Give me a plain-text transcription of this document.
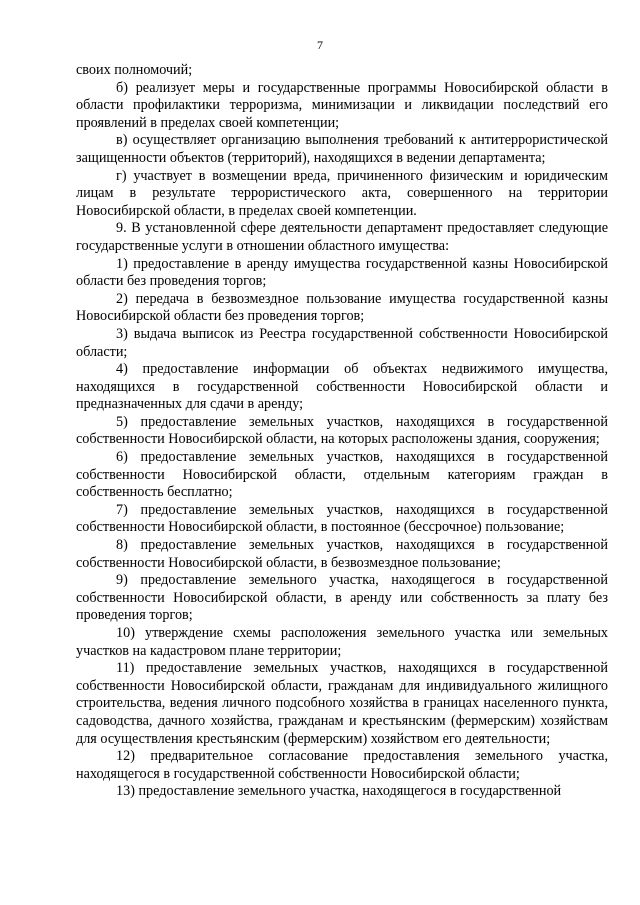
7

своих полномочий;

б) реализует меры и государственные программы Новосибирской области в области профилактики терроризма, минимизации и ликвидации последствий его проявлений в пределах своей компетенции;

в) осуществляет организацию выполнения требований к антитеррористической защищенности объектов (территорий), находящихся в ведении департамента;

г) участвует в возмещении вреда, причиненного физическим и юридическим лицам в результате террористического акта, совершенного на территории Новосибирской области, в пределах своей компетенции.

9. В установленной сфере деятельности департамент предоставляет следующие государственные услуги в отношении областного имущества:

1) предоставление в аренду имущества государственной казны Новосибирской области без проведения торгов;

2) передача в безвозмездное пользование имущества государственной казны Новосибирской области без проведения торгов;

3) выдача выписок из Реестра государственной собственности Новосибирской области;

4) предоставление информации об объектах недвижимого имущества, находящихся в государственной собственности Новосибирской области и предназначенных для сдачи в аренду;

5) предоставление земельных участков, находящихся в государственной собственности Новосибирской области, на которых расположены здания, сооружения;

6) предоставление земельных участков, находящихся в государственной собственности Новосибирской области, отдельным категориям граждан в собственность бесплатно;

7) предоставление земельных участков, находящихся в государственной собственности Новосибирской области, в постоянное (бессрочное) пользование;

8) предоставление земельных участков, находящихся в государственной собственности Новосибирской области, в безвозмездное пользование;

9) предоставление земельного участка, находящегося в государственной собственности Новосибирской области, в аренду или собственность за плату без проведения торгов;

10) утверждение схемы расположения земельного участка или земельных участков на кадастровом плане территории;

11) предоставление земельных участков, находящихся в государственной собственности Новосибирской области, гражданам для индивидуального жилищного строительства, ведения личного подсобного хозяйства в границах населенного пункта, садоводства, дачного хозяйства, гражданам и крестьянским (фермерским) хозяйствам для осуществления крестьянским (фермерским) хозяйством его деятельности;

12) предварительное согласование предоставления земельного участка, находящегося в государственной собственности Новосибирской области;

13) предоставление земельного участка, находящегося в государственной
